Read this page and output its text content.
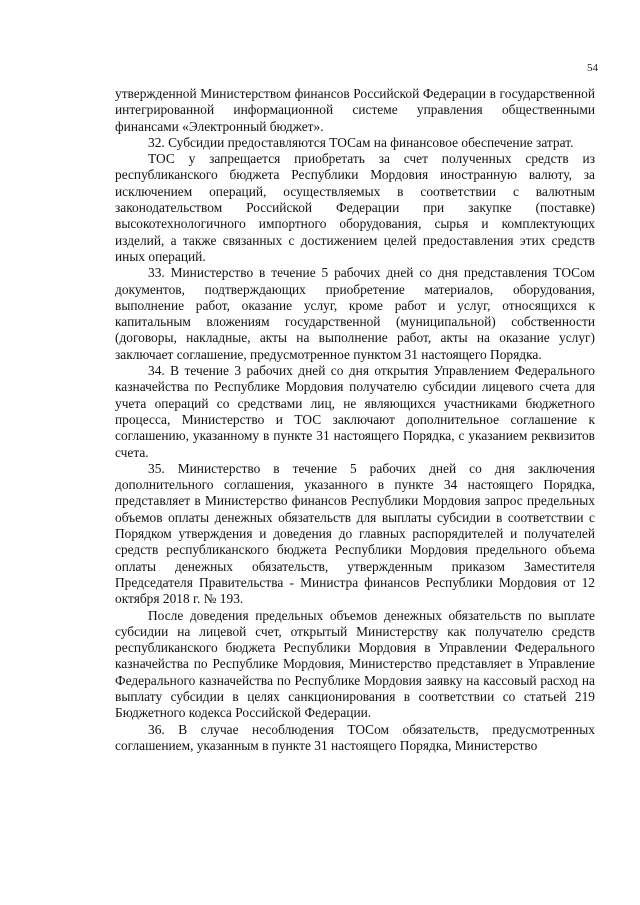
54

утвержденной Министерством финансов Российской Федерации в государственной интегрированной информационной системе управления общественными финансами «Электронный бюджет».

32. Субсидии предоставляются ТОСам на финансовое обеспечение затрат.

ТОС у запрещается приобретать за счет полученных средств из республиканского бюджета Республики Мордовия иностранную валюту, за исключением операций, осуществляемых в соответствии с валютным законодательством Российской Федерации при закупке (поставке) высокотехнологичного импортного оборудования, сырья и комплектующих изделий, а также связанных с достижением целей предоставления этих средств иных операций.

33. Министерство в течение 5 рабочих дней со дня представления ТОСом документов, подтверждающих приобретение материалов, оборудования, выполнение работ, оказание услуг, кроме работ и услуг, относящихся к капитальным вложениям государственной (муниципальной) собственности (договоры, накладные, акты на выполнение работ, акты на оказание услуг) заключает соглашение, предусмотренное пунктом 31 настоящего Порядка.

34. В течение 3 рабочих дней со дня открытия Управлением Федерального казначейства по Республике Мордовия получателю субсидии лицевого счета для учета операций со средствами лиц, не являющихся участниками бюджетного процесса, Министерство и ТОС заключают дополнительное соглашение к соглашению, указанному в пункте 31 настоящего Порядка, с указанием реквизитов счета.

35. Министерство в течение 5 рабочих дней со дня заключения дополнительного соглашения, указанного в пункте 34 настоящего Порядка, представляет в Министерство финансов Республики Мордовия запрос предельных объемов оплаты денежных обязательств для выплаты субсидии в соответствии с Порядком утверждения и доведения до главных распорядителей и получателей средств республиканского бюджета Республики Мордовия предельного объема оплаты денежных обязательств, утвержденным приказом Заместителя Председателя Правительства - Министра финансов Республики Мордовия от 12 октября 2018 г. № 193.

После доведения предельных объемов денежных обязательств по выплате субсидии на лицевой счет, открытый Министерству как получателю средств республиканского бюджета Республики Мордовия в Управлении Федерального казначейства по Республике Мордовия, Министерство представляет в Управление Федерального казначейства по Республике Мордовия заявку на кассовый расход на выплату субсидии в целях санкционирования в соответствии со статьей 219 Бюджетного кодекса Российской Федерации.

36. В случае несоблюдения ТОСом обязательств, предусмотренных соглашением, указанным в пункте 31 настоящего Порядка, Министерство
